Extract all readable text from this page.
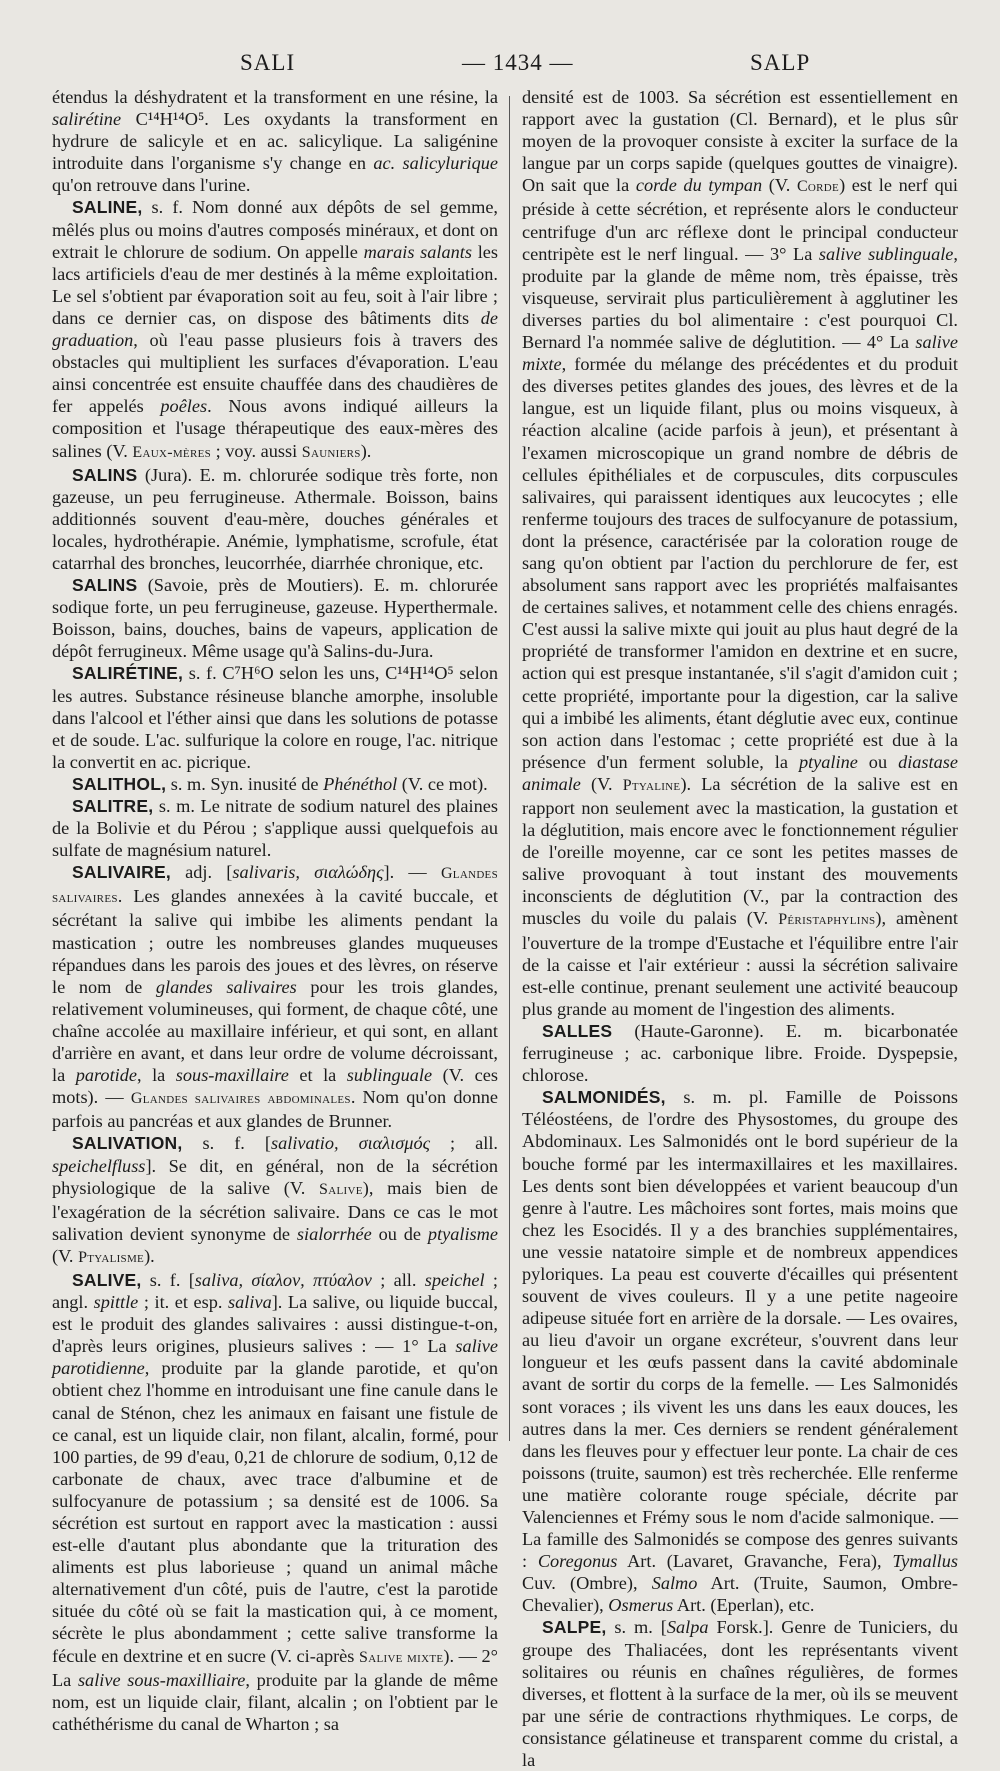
SALI	— 1434 —	SALP

étendus la déshydratent et la transforment en une résine, la salirétine C¹⁴H¹⁴O⁵. Les oxydants la transforment en hydrure de salicyle et en ac. salicylique. La saligénine introduite dans l'organisme s'y change en ac. salicylurique qu'on retrouve dans l'urine.

SALINE, s. f. Nom donné aux dépôts de sel gemme, mêlés plus ou moins d'autres composés minéraux, et dont on extrait le chlorure de sodium. On appelle marais salants les lacs artificiels d'eau de mer destinés à la même exploitation. Le sel s'obtient par évaporation soit au feu, soit à l'air libre ; dans ce dernier cas, on dispose des bâtiments dits de graduation, où l'eau passe plusieurs fois à travers des obstacles qui multiplient les surfaces d'évaporation. L'eau ainsi concentrée est ensuite chauffée dans des chaudières de fer appelés poêles. Nous avons indiqué ailleurs la composition et l'usage thérapeutique des eaux-mères des salines (V. Eaux-mères ; voy. aussi Sauniers).

SALINS (Jura). E. m. chlorurée sodique très forte, non gazeuse, un peu ferrugineuse. Athermale. Boisson, bains additionnés souvent d'eau-mère, douches générales et locales, hydrothérapie. Anémie, lymphatisme, scrofule, état catarrhal des bronches, leucorrhée, diarrhée chronique, etc.

SALINS (Savoie, près de Moutiers). E. m. chlorurée sodique forte, un peu ferrugineuse, gazeuse. Hyperthermale. Boisson, bains, douches, bains de vapeurs, application de dépôt ferrugineux. Même usage qu'à Salins-du-Jura.

SALIRÉTINE, s. f. C⁷H⁶O selon les uns, C¹⁴H¹⁴O⁵ selon les autres. Substance résineuse blanche amorphe, insoluble dans l'alcool et l'éther ainsi que dans les solutions de potasse et de soude. L'ac. sulfurique la colore en rouge, l'ac. nitrique la convertit en ac. picrique.

SALITHOL, s. m. Syn. inusité de Phénéthol (V. ce mot).

SALITRE, s. m. Le nitrate de sodium naturel des plaines de la Bolivie et du Pérou ; s'applique aussi quelquefois au sulfate de magnésium naturel.

SALIVAIRE, adj. [salivaris, σιαλώδης]. — Glandes salivaires. Les glandes annexées à la cavité buccale, et sécrétant la salive qui imbibe les aliments pendant la mastication ; outre les nombreuses glandes muqueuses répandues dans les parois des joues et des lèvres, on réserve le nom de glandes salivaires pour les trois glandes, relativement volumineuses, qui forment, de chaque côté, une chaîne accolée au maxillaire inférieur, et qui sont, en allant d'arrière en avant, et dans leur ordre de volume décroissant, la parotide, la sous-maxillaire et la sublinguale (V. ces mots). — Glandes salivaires abdominales. Nom qu'on donne parfois au pancréas et aux glandes de Brunner.

SALIVATION, s. f. [salivatio, σιαλισμός ; all. speichelfluss]. Se dit, en général, non de la sécrétion physiologique de la salive (V. Salive), mais bien de l'exagération de la sécrétion salivaire. Dans ce cas le mot salivation devient synonyme de sialorrhée ou de ptyalisme (V. Ptyalisme).

SALIVE, s. f. [saliva, σίαλον, πτύαλον ; all. speichel ; angl. spittle ; it. et esp. saliva]. La salive, ou liquide buccal, est le produit des glandes salivaires : aussi distingue-t-on, d'après leurs origines, plusieurs salives : — 1° La salive parotidienne, produite par la glande parotide, et qu'on obtient chez l'homme en introduisant une fine canule dans le canal de Sténon, chez les animaux en faisant une fistule de ce canal, est un liquide clair, non filant, alcalin, formé, pour 100 parties, de 99 d'eau, 0,21 de chlorure de sodium, 0,12 de carbonate de chaux, avec trace d'albumine et de sulfocyanure de potassium ; sa densité est de 1006. Sa sécrétion est surtout en rapport avec la mastication : aussi est-elle d'autant plus abondante que la trituration des aliments est plus laborieuse ; quand un animal mâche alternativement d'un côté, puis de l'autre, c'est la parotide située du côté où se fait la mastication qui, à ce moment, sécrète le plus abondamment ; cette salive transforme la fécule en dextrine et en sucre (V. ci-après Salive mixte). — 2° La salive sous-maxilliaire, produite par la glande de même nom, est un liquide clair, filant, alcalin ; on l'obtient par le cathéthérisme du canal de Wharton ; sa

densité est de 1003. Sa sécrétion est essentiellement en rapport avec la gustation (Cl. Bernard), et le plus sûr moyen de la provoquer consiste à exciter la surface de la langue par un corps sapide (quelques gouttes de vinaigre). On sait que la corde du tympan (V. Corde) est le nerf qui préside à cette sécrétion, et représente alors le conducteur centrifuge d'un arc réflexe dont le principal conducteur centripète est le nerf lingual. — 3° La salive sublinguale, produite par la glande de même nom, très épaisse, très visqueuse, servirait plus particulièrement à agglutiner les diverses parties du bol alimentaire : c'est pourquoi Cl. Bernard l'a nommée salive de déglutition. — 4° La salive mixte, formée du mélange des précédentes et du produit des diverses petites glandes des joues, des lèvres et de la langue, est un liquide filant, plus ou moins visqueux, à réaction alcaline (acide parfois à jeun), et présentant à l'examen microscopique un grand nombre de débris de cellules épithéliales et de corpuscules, dits corpuscules salivaires, qui paraissent identiques aux leucocytes ; elle renferme toujours des traces de sulfocyanure de potassium, dont la présence, caractérisée par la coloration rouge de sang qu'on obtient par l'action du perchlorure de fer, est absolument sans rapport avec les propriétés malfaisantes de certaines salives, et notamment celle des chiens enragés. C'est aussi la salive mixte qui jouit au plus haut degré de la propriété de transformer l'amidon en dextrine et en sucre, action qui est presque instantanée, s'il s'agit d'amidon cuit ; cette propriété, importante pour la digestion, car la salive qui a imbibé les aliments, étant déglutie avec eux, continue son action dans l'estomac ; cette propriété est due à la présence d'un ferment soluble, la ptyaline ou diastase animale (V. Ptyaline). La sécrétion de la salive est en rapport non seulement avec la mastication, la gustation et la déglutition, mais encore avec le fonctionnement régulier de l'oreille moyenne, car ce sont les petites masses de salive provoquant à tout instant des mouvements inconscients de déglutition (V., par la contraction des muscles du voile du palais (V. Péristaphylins), amènent l'ouverture de la trompe d'Eustache et l'équilibre entre l'air de la caisse et l'air extérieur : aussi la sécrétion salivaire est-elle continue, prenant seulement une activité beaucoup plus grande au moment de l'ingestion des aliments.

SALLES (Haute-Garonne). E. m. bicarbonatée ferrugineuse ; ac. carbonique libre. Froide. Dyspepsie, chlorose.

SALMONIDÉS, s. m. pl. Famille de Poissons Téléostéens, de l'ordre des Physostomes, du groupe des Abdominaux. Les Salmonidés ont le bord supérieur de la bouche formé par les intermaxillaires et les maxillaires. Les dents sont bien développées et varient beaucoup d'un genre à l'autre. Les mâchoires sont fortes, mais moins que chez les Esocidés. Il y a des branchies supplémentaires, une vessie natatoire simple et de nombreux appendices pyloriques. La peau est couverte d'écailles qui présentent souvent de vives couleurs. Il y a une petite nageoire adipeuse située fort en arrière de la dorsale. — Les ovaires, au lieu d'avoir un organe excréteur, s'ouvrent dans leur longueur et les œufs passent dans la cavité abdominale avant de sortir du corps de la femelle. — Les Salmonidés sont voraces ; ils vivent les uns dans les eaux douces, les autres dans la mer. Ces derniers se rendent généralement dans les fleuves pour y effectuer leur ponte. La chair de ces poissons (truite, saumon) est très recherchée. Elle renferme une matière colorante rouge spéciale, décrite par Valenciennes et Frémy sous le nom d'acide salmonique. — La famille des Salmonidés se compose des genres suivants : Coregonus Art. (Lavaret, Gravanche, Fera), Tymallus Cuv. (Ombre), Salmo Art. (Truite, Saumon, Ombre-Chevalier), Osmerus Art. (Eperlan), etc.

SALPE, s. m. [Salpa Forsk.]. Genre de Tuniciers, du groupe des Thaliacées, dont les représentants vivent solitaires ou réunis en chaînes régulières, de formes diverses, et flottent à la surface de la mer, où ils se meuvent par une série de contractions rhythmiques. Le corps, de consistance gélatineuse et transparent comme du cristal, a la
